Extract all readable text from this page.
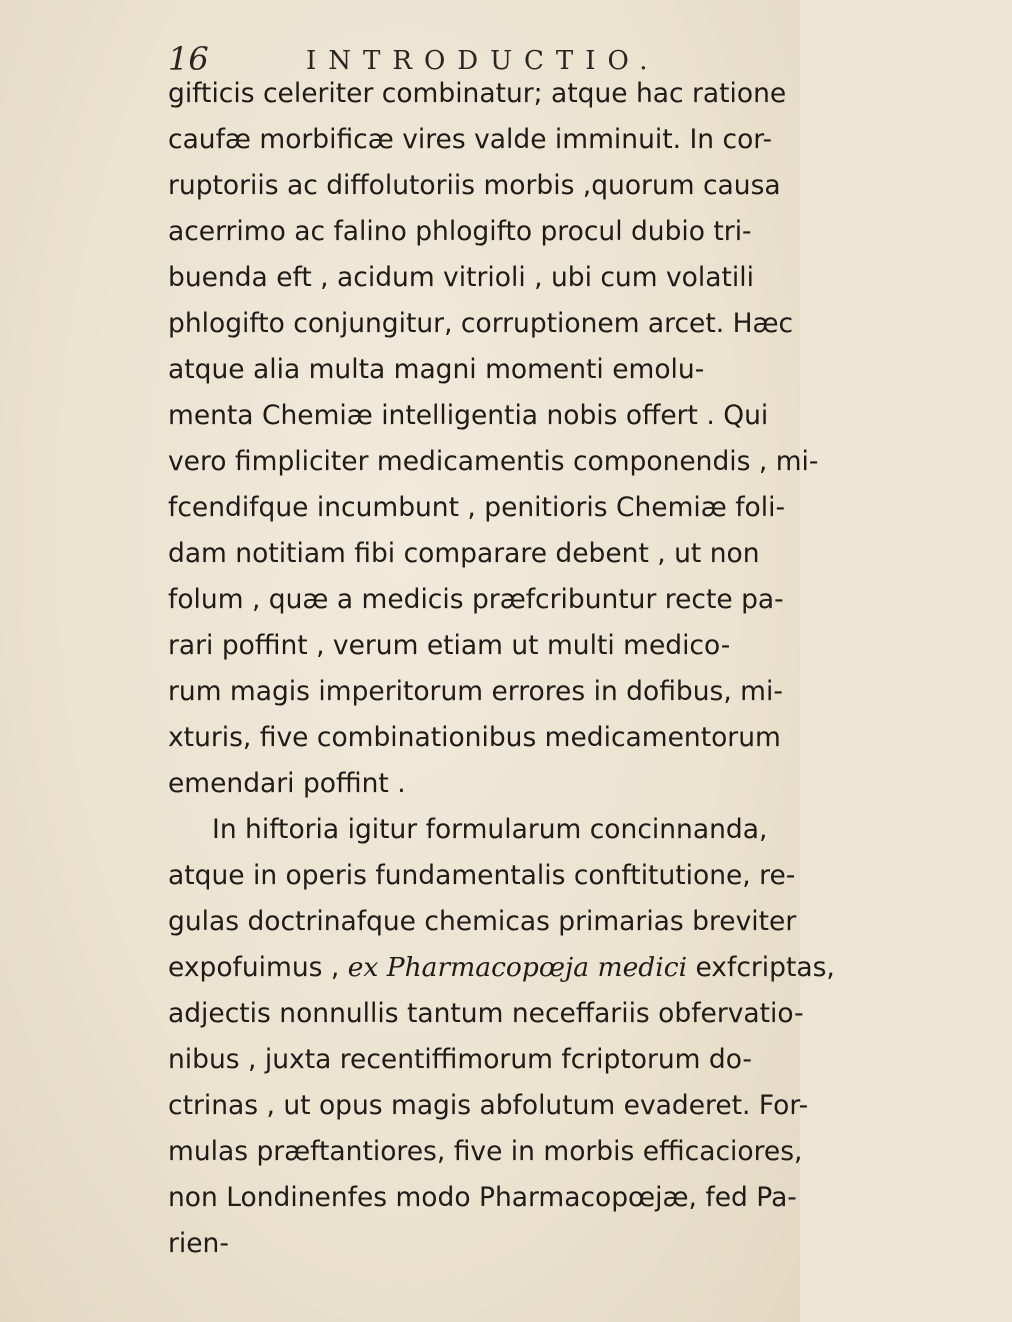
16	INTRODUCTIO.
gifticis celeriter combinatur; atque hac ratione
caufæ morbificæ vires valde imminuit. In cor-
ruptoriis ac diffolutoriis morbis ,quorum causa
acerrimo ac falino phlogifto procul dubio tri-
buenda eft , acidum vitrioli , ubi cum volatili
phlogifto conjungitur, corruptionem arcet. Hæc
atque alia multa magni momenti emolu-
menta Chemiæ intelligentia nobis offert . Qui
vero fimpliciter medicamentis componendis , mi-
fcendifque incumbunt , penitioris Chemiæ foli-
dam notitiam fibi comparare debent , ut non
folum , quæ a medicis præfcribuntur recte pa-
rari poffint , verum etiam ut multi medico-
rum magis imperitorum errores in dofibus, mi-
xturis, five combinationibus medicamentorum
emendari poffint .
In hiftoria igitur formularum concinnanda,
atque in operis fundamentalis conftitutione, re-
gulas doctrinafque chemicas primarias breviter
expofuimus , ex Pharmacopœja medici exfcriptas,
adjectis nonnullis tantum neceffariis obfervatio-
nibus , juxta recentiffimorum fcriptorum do-
ctrinas , ut opus magis abfolutum evaderet. For-
mulas præftantiores, five in morbis efficaciores,
non Londinenfes modo Pharmacopœjæ, fed Pa-
rien-
